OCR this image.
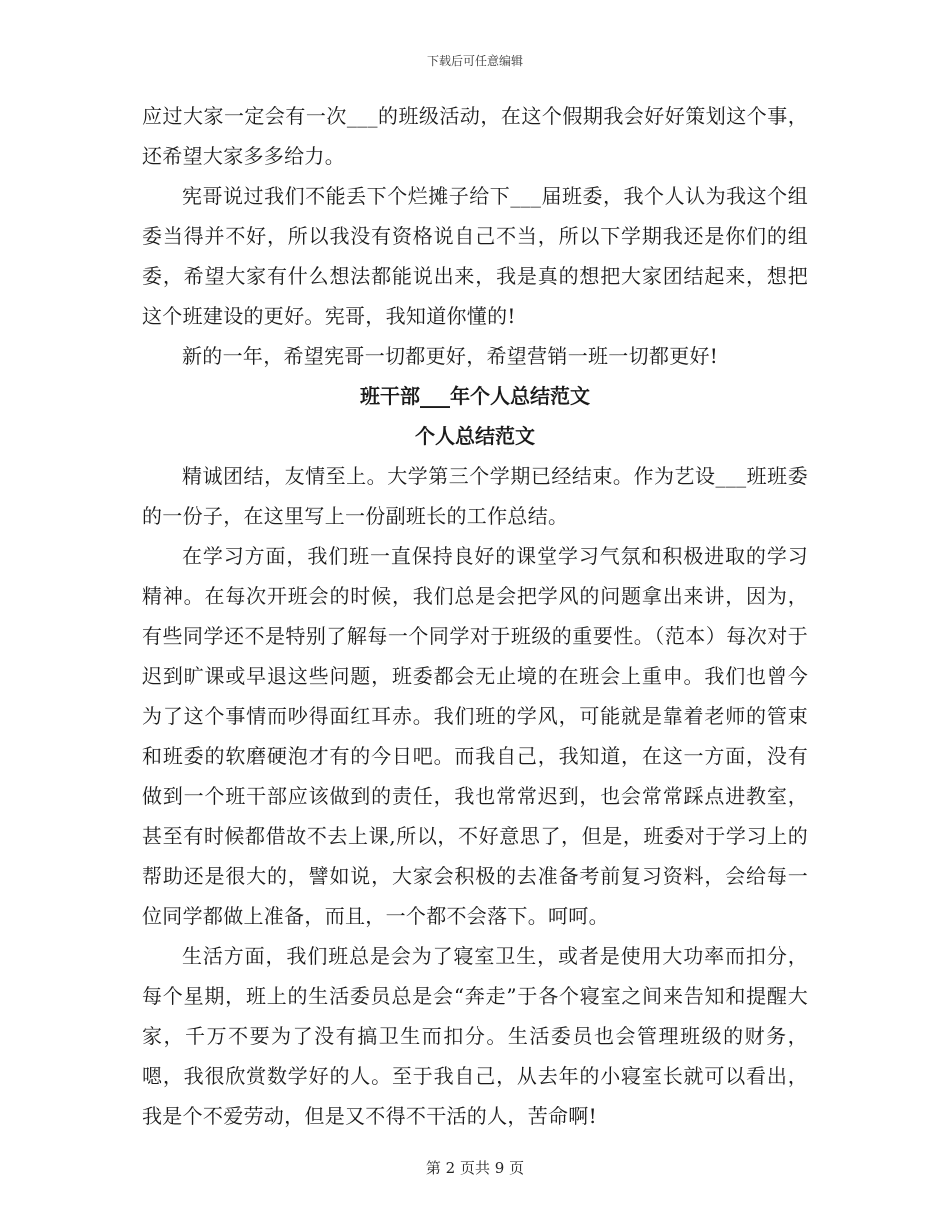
下载后可任意编辑

应过大家一定会有一次___的班级活动，在这个假期我会好好策划这个事，还希望大家多多给力。

宪哥说过我们不能丢下个烂摊子给下___届班委，我个人认为我这个组委当得并不好，所以我没有资格说自己不当，所以下学期我还是你们的组委，希望大家有什么想法都能说出来，我是真的想把大家团结起来，想把这个班建设的更好。宪哥，我知道你懂的!

新的一年，希望宪哥一切都更好，希望营销一班一切都更好!

班干部___年个人总结范文
个人总结范文

精诚团结，友情至上。大学第三个学期已经结束。作为艺设___班班委的一份子，在这里写上一份副班长的工作总结。

在学习方面，我们班一直保持良好的课堂学习气氛和积极进取的学习精神。在每次开班会的时候，我们总是会把学风的问题拿出来讲，因为，有些同学还不是特别了解每一个同学对于班级的重要性。（范本）每次对于迟到旷课或早退这些问题，班委都会无止境的在班会上重申。我们也曾今为了这个事情而吵得面红耳赤。我们班的学风，可能就是靠着老师的管束和班委的软磨硬泡才有的今日吧。而我自己，我知道，在这一方面，没有做到一个班干部应该做到的责任，我也常常迟到，也会常常踩点进教室，甚至有时候都借故不去上课,所以，不好意思了，但是，班委对于学习上的帮助还是很大的，譬如说，大家会积极的去准备考前复习资料，会给每一位同学都做上准备，而且，一个都不会落下。呵呵。

生活方面，我们班总是会为了寝室卫生，或者是使用大功率而扣分，每个星期，班上的生活委员总是会“奔走”于各个寝室之间来告知和提醒大家，千万不要为了没有搞卫生而扣分。生活委员也会管理班级的财务，嗯，我很欣赏数学好的人。至于我自己，从去年的小寝室长就可以看出，我是个不爱劳动，但是又不得不干活的人，苦命啊!

第 2 页共 9 页
